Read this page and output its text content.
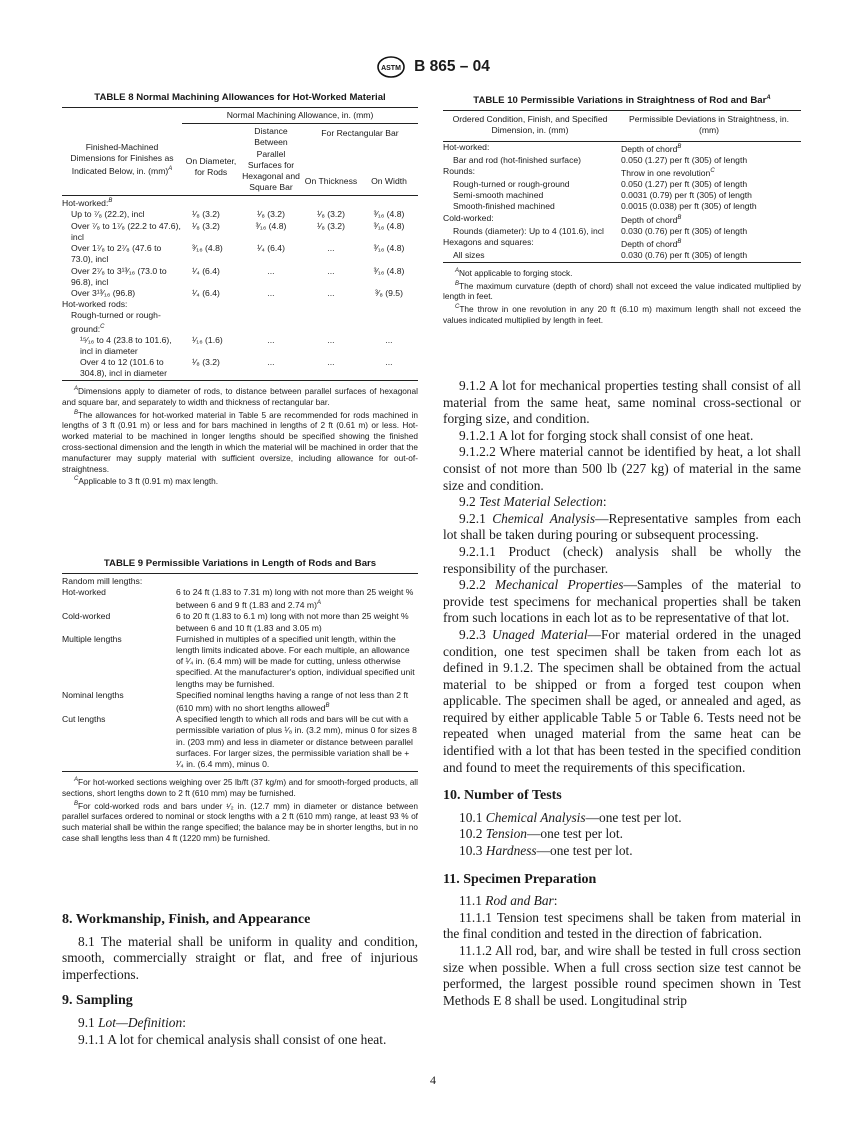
ASTM B 865 – 04
TABLE 8 Normal Machining Allowances for Hot-Worked Material
	Normal Machining Allowance, in. (mm)			
Finished-Machined Dimensions for Finishes as Indicated Below, in. (mm)$^A$	On Diameter, for Rods	Distance Between Parallel Surfaces for Hexagonal and Square Bar	For Rectangular Bar	
			On Thickness	On Width
Hot-worked:$^B$				
Up to ⁷⁄₈ (22.2), incl	¹⁄₈ (3.2)	¹⁄₈ (3.2)	¹⁄₈ (3.2)	³⁄₁₆ (4.8)
Over ⁷⁄₈ to 1⁷⁄₈ (22.2 to 47.6), incl	¹⁄₈ (3.2)	³⁄₁₆ (4.8)	¹⁄₈ (3.2)	³⁄₁₆ (4.8)
Over 1⁷⁄₈ to 2⁷⁄₈ (47.6 to 73.0), incl	³⁄₁₆ (4.8)	¹⁄₄ (6.4)	...	³⁄₁₆ (4.8)
Over 2⁷⁄₈ to 3¹³⁄₁₆ (73.0 to 96.8), incl	¹⁄₄ (6.4)	...	...	³⁄₁₆ (4.8)
Over 3¹³⁄₁₆ (96.8)	¹⁄₄ (6.4)	...	...	³⁄₈ (9.5)
Hot-worked rods:				
Rough-turned or rough-ground:$^C$				
¹⁵⁄₁₆ to 4 (23.8 to 101.6), incl in diameter	¹⁄₁₆ (1.6)	...	...	...
Over 4 to 12 (101.6 to 304.8), incl in diameter	¹⁄₈ (3.2)	...	...	...

$^A$Dimensions apply to diameter of rods, to distance between parallel surfaces of hexagonal and square bar, and separately to width and thickness of rectangular bar.

$^B$The allowances for hot-worked material in Table 5 are recommended for rods machined in lengths of 3 ft (0.91 m) or less and for bars machined in lengths of 2 ft (0.61 m) or less. Hot-worked material to be machined in longer lengths should be specified showing the finished cross-sectional dimension and the length in which the material will be machined in order that the manufacturer may supply material with sufficient oversize, including allowance for out-of-straightness.

$^C$Applicable to 3 ft (0.91 m) max length.

TABLE 9 Permissible Variations in Length of Rods and Bars
Random mill lengths:
Hot-worked	6 to 24 ft (1.83 to 7.31 m) long with not more than 25 weight % between 6 and 9 ft (1.83 and 2.74 m)$^A$
Cold-worked	6 to 20 ft (1.83 to 6.1 m) long with not more than 25 weight % between 6 and 10 ft (1.83 and 3.05 m)
Multiple lengths	Furnished in multiples of a specified unit length, within the length limits indicated above. For each multiple, an allowance of ¹⁄₄ in. (6.4 mm) will be made for cutting, unless otherwise specified. At the manufacturer's option, individual specified unit lengths may be furnished.
Nominal lengths	Specified nominal lengths having a range of not less than 2 ft (610 mm) with no short lengths allowed$^B$
Cut lengths	A specified length to which all rods and bars will be cut with a permissible variation of plus ¹⁄₈ in. (3.2 mm), minus 0 for sizes 8 in. (203 mm) and less in diameter or distance between parallel surfaces. For larger sizes, the permissible variation shall be + ¹⁄₄ in. (6.4 mm), minus 0.

$^A$For hot-worked sections weighing over 25 lb/ft (37 kg/m) and for smooth-forged products, all sections, short lengths down to 2 ft (610 mm) may be furnished.

$^B$For cold-worked rods and bars under ¹⁄₂ in. (12.7 mm) in diameter or distance between parallel surfaces ordered to nominal or stock lengths with a 2 ft (610 mm) range, at least 93 % of such material shall be within the range specified; the balance may be in shorter lengths, but in no case shall lengths less than 4 ft (1220 mm) be furnished.

8. Workmanship, Finish, and Appearance

8.1 The material shall be uniform in quality and condition, smooth, commercially straight or flat, and free of injurious imperfections.

9. Sampling

9.1 Lot—Definition:

9.1.1 A lot for chemical analysis shall consist of one heat.

TABLE 10 Permissible Variations in Straightness of Rod and Bar$^A$
Ordered Condition, Finish, and Specified Dimension, in. (mm)	Permissible Deviations in Straightness, in. (mm)
Hot-worked:	Depth of chord$^B$
Bar and rod (hot-finished surface)	0.050 (1.27) per ft (305) of length
Rounds:	Throw in one revolution$^C$
Rough-turned or rough-ground	0.050 (1.27) per ft (305) of length
Semi-smooth machined	0.0031 (0.79) per ft (305) of length
Smooth-finished machined	0.0015 (0.038) per ft (305) of length
Cold-worked:	Depth of chord$^B$
Rounds (diameter): Up to 4 (101.6), incl	0.030 (0.76) per ft (305) of length
Hexagons and squares:	Depth of chord$^B$
All sizes	0.030 (0.76) per ft (305) of length

$^A$Not applicable to forging stock.

$^B$The maximum curvature (depth of chord) shall not exceed the value indicated multiplied by length in feet.

$^C$The throw in one revolution in any 20 ft (6.10 m) maximum length shall not exceed the values indicated multiplied by length in feet.

9.1.2 A lot for mechanical properties testing shall consist of all material from the same heat, same nominal cross-sectional or forging size, and condition.

9.1.2.1 A lot for forging stock shall consist of one heat.

9.1.2.2 Where material cannot be identified by heat, a lot shall consist of not more than 500 lb (227 kg) of material in the same size and condition.

9.2 Test Material Selection:

9.2.1 Chemical Analysis—Representative samples from each lot shall be taken during pouring or subsequent processing.

9.2.1.1 Product (check) analysis shall be wholly the responsibility of the purchaser.

9.2.2 Mechanical Properties—Samples of the material to provide test specimens for mechanical properties shall be taken from such locations in each lot as to be representative of that lot.

9.2.3 Unaged Material—For material ordered in the unaged condition, one test specimen shall be taken from each lot as defined in 9.1.2. The specimen shall be obtained from the actual material to be shipped or from a forged test coupon when applicable. The specimen shall be aged, or annealed and aged, as required by either applicable Table 5 or Table 6. Tests need not be repeated when unaged material from the same heat can be identified with a lot that has been tested in the specified condition and found to meet the requirements of this specification.

10. Number of Tests

10.1 Chemical Analysis—one test per lot.

10.2 Tension—one test per lot.

10.3 Hardness—one test per lot.

11. Specimen Preparation

11.1 Rod and Bar:

11.1.1 Tension test specimens shall be taken from material in the final condition and tested in the direction of fabrication.

11.1.2 All rod, bar, and wire shall be tested in full cross section size when possible. When a full cross section size test cannot be performed, the largest possible round specimen shown in Test Methods E 8 shall be used. Longitudinal strip

4
